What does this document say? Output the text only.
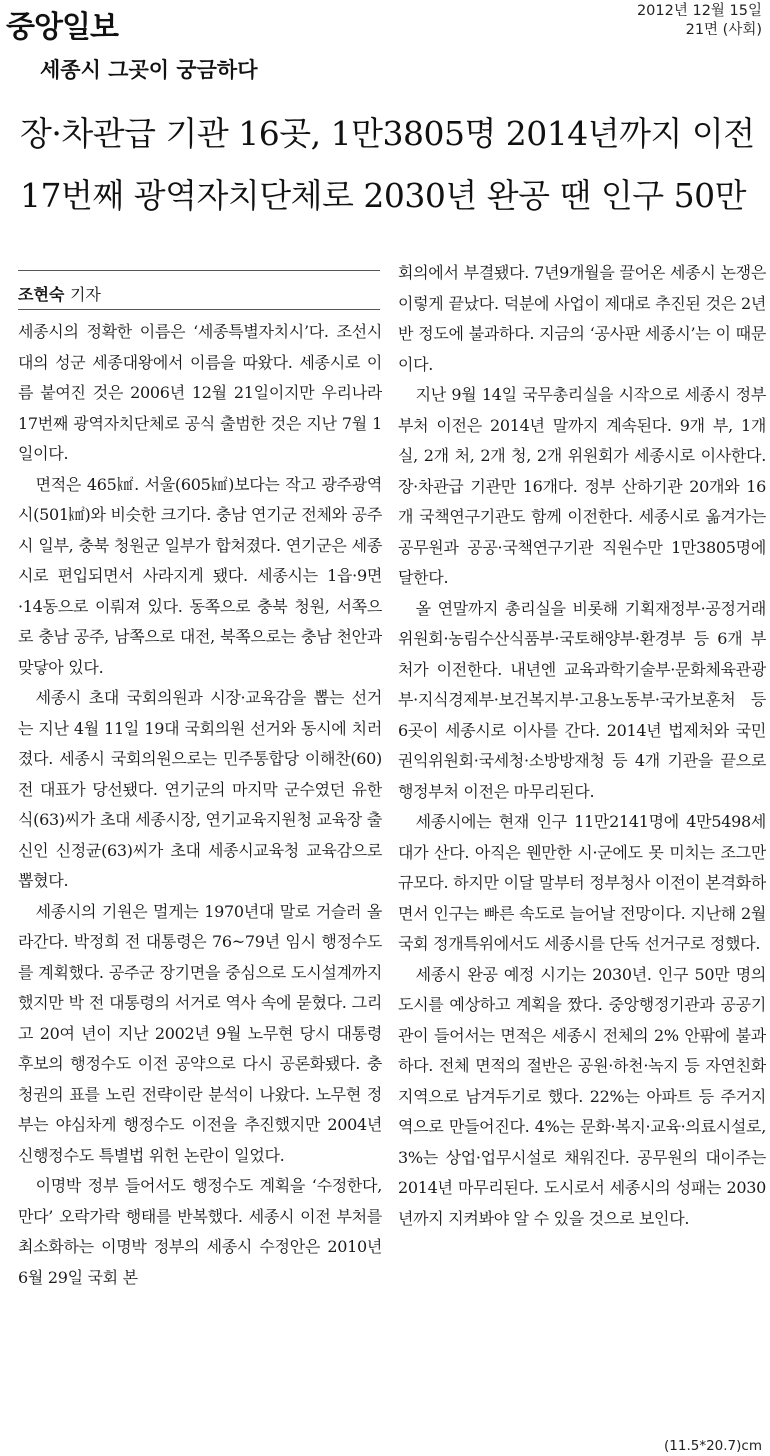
중앙일보	2012년 12월 15일
21면 (사회)
세종시 그곳이 궁금하다
장·차관급 기관 16곳, 1만3805명 2014년까지 이전
17번째 광역자치단체로 2030년 완공 땐 인구 50만
조현숙 기자

세종시의 정확한 이름은 ‘세종특별자치시’다. 조선시대의 성군 세종대왕에서 이름을 따왔다. 세종시로 이름 붙여진 것은 2006년 12월 21일이지만 우리나라 17번째 광역자치단체로 공식 출범한 것은 지난 7월 1일이다.

면적은 465㎢. 서울(605㎢)보다는 작고 광주광역시(501㎢)와 비슷한 크기다. 충남 연기군 전체와 공주시 일부, 충북 청원군 일부가 합쳐졌다. 연기군은 세종시로 편입되면서 사라지게 됐다. 세종시는 1읍·9면·14동으로 이뤄져 있다. 동쪽으로 충북 청원, 서쪽으로 충남 공주, 남쪽으로 대전, 북쪽으로는 충남 천안과 맞닿아 있다.

세종시 초대 국회의원과 시장·교육감을 뽑는 선거는 지난 4월 11일 19대 국회의원 선거와 동시에 치러졌다. 세종시 국회의원으로는 민주통합당 이해찬(60) 전 대표가 당선됐다. 연기군의 마지막 군수였던 유한식(63)씨가 초대 세종시장, 연기교육지원청 교육장 출신인 신정균(63)씨가 초대 세종시교육청 교육감으로 뽑혔다.

세종시의 기원은 멀게는 1970년대 말로 거슬러 올라간다. 박정희 전 대통령은 76~79년 임시 행정수도를 계획했다. 공주군 장기면을 중심으로 도시설계까지 했지만 박 전 대통령의 서거로 역사 속에 묻혔다. 그리고 20여 년이 지난 2002년 9월 노무현 당시 대통령 후보의 행정수도 이전 공약으로 다시 공론화됐다. 충청권의 표를 노린 전략이란 분석이 나왔다. 노무현 정부는 야심차게 행정수도 이전을 추진했지만 2004년 신행정수도 특별법 위헌 논란이 일었다.

이명박 정부 들어서도 행정수도 계획을 ‘수정한다, 만다’ 오락가락 행태를 반복했다. 세종시 이전 부처를 최소화하는 이명박 정부의 세종시 수정안은 2010년 6월 29일 국회 본

회의에서 부결됐다. 7년9개월을 끌어온 세종시 논쟁은 이렇게 끝났다. 덕분에 사업이 제대로 추진된 것은 2년 반 정도에 불과하다. 지금의 ‘공사판 세종시’는 이 때문이다.

지난 9월 14일 국무총리실을 시작으로 세종시 정부부처 이전은 2014년 말까지 계속된다. 9개 부, 1개 실, 2개 처, 2개 청, 2개 위원회가 세종시로 이사한다. 장·차관급 기관만 16개다. 정부 산하기관 20개와 16개 국책연구기관도 함께 이전한다. 세종시로 옮겨가는 공무원과 공공·국책연구기관 직원수만 1만3805명에 달한다.

올 연말까지 총리실을 비롯해 기획재정부·공정거래위원회·농림수산식품부·국토해양부·환경부 등 6개 부처가 이전한다. 내년엔 교육과학기술부·문화체육관광부·지식경제부·보건복지부·고용노동부·국가보훈처 등 6곳이 세종시로 이사를 간다. 2014년 법제처와 국민권익위원회·국세청·소방방재청 등 4개 기관을 끝으로 행정부처 이전은 마무리된다.

세종시에는 현재 인구 11만2141명에 4만5498세대가 산다. 아직은 웬만한 시·군에도 못 미치는 조그만 규모다. 하지만 이달 말부터 정부청사 이전이 본격화하면서 인구는 빠른 속도로 늘어날 전망이다. 지난해 2월 국회 정개특위에서도 세종시를 단독 선거구로 정했다.

세종시 완공 예정 시기는 2030년. 인구 50만 명의 도시를 예상하고 계획을 짰다. 중앙행정기관과 공공기관이 들어서는 면적은 세종시 전체의 2% 안팎에 불과하다. 전체 면적의 절반은 공원·하천·녹지 등 자연친화지역으로 남겨두기로 했다. 22%는 아파트 등 주거지역으로 만들어진다. 4%는 문화·복지·교육·의료시설로, 3%는 상업·업무시설로 채워진다. 공무원의 대이주는 2014년 마무리된다. 도시로서 세종시의 성패는 2030년까지 지켜봐야 알 수 있을 것으로 보인다.

(11.5*20.7)cm
